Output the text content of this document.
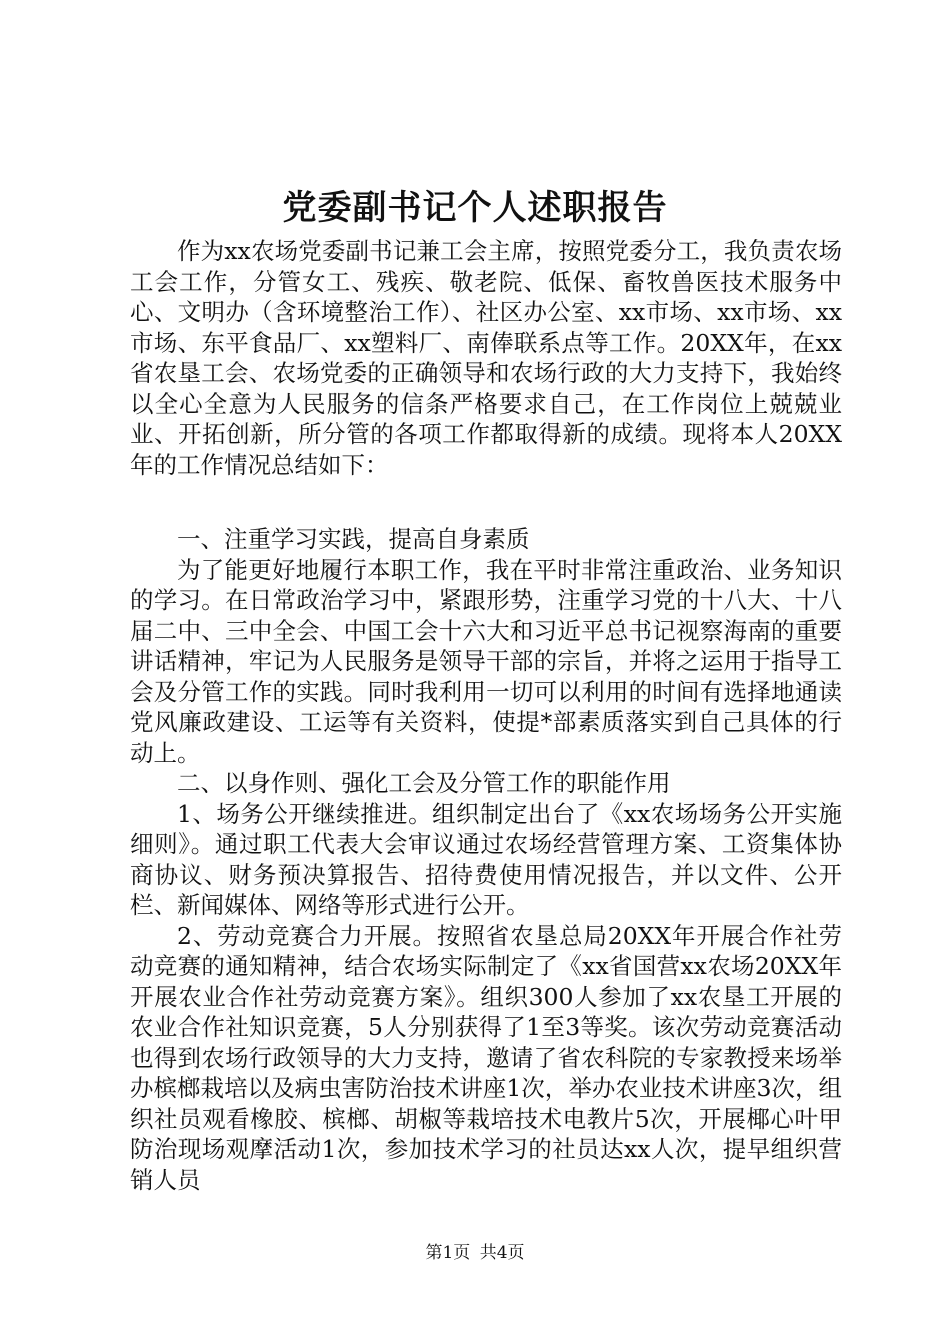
党委副书记个人述职报告

作为xx农场党委副书记兼工会主席，按照党委分工，我负责农场工会工作，分管女工、残疾、敬老院、低保、畜牧兽医技术服务中心、文明办（含环境整治工作）、社区办公室、xx市场、xx市场、xx市场、东平食品厂、xx塑料厂、南俸联系点等工作。20XX年，在xx省农垦工会、农场党委的正确领导和农场行政的大力支持下，我始终以全心全意为人民服务的信条严格要求自己，在工作岗位上兢兢业业、开拓创新，所分管的各项工作都取得新的成绩。现将本人20XX年的工作情况总结如下：

一、注重学习实践，提高自身素质

为了能更好地履行本职工作，我在平时非常注重政治、业务知识的学习。在日常政治学习中，紧跟形势，注重学习党的十八大、十八届二中、三中全会、中国工会十六大和习近平总书记视察海南的重要讲话精神，牢记为人民服务是领导干部的宗旨，并将之运用于指导工会及分管工作的实践。同时我利用一切可以利用的时间有选择地通读党风廉政建设、工运等有关资料，使提*部素质落实到自己具体的行动上。

二、以身作则、强化工会及分管工作的职能作用

1、场务公开继续推进。组织制定出台了《xx农场场务公开实施细则》。通过职工代表大会审议通过农场经营管理方案、工资集体协商协议、财务预决算报告、招待费使用情况报告，并以文件、公开栏、新闻媒体、网络等形式进行公开。

2、劳动竞赛合力开展。按照省农垦总局20XX年开展合作社劳动竞赛的通知精神，结合农场实际制定了《xx省国营xx农场20XX年开展农业合作社劳动竞赛方案》。组织300人参加了xx农垦工开展的农业合作社知识竞赛，5人分别获得了1至3等奖。该次劳动竞赛活动也得到农场行政领导的大力支持，邀请了省农科院的专家教授来场举办槟榔栽培以及病虫害防治技术讲座1次，举办农业技术讲座3次，组织社员观看橡胶、槟榔、胡椒等栽培技术电教片5次，开展椰心叶甲防治现场观摩活动1次，参加技术学习的社员达xx人次，提早组织营销人员

第1页 共4页
